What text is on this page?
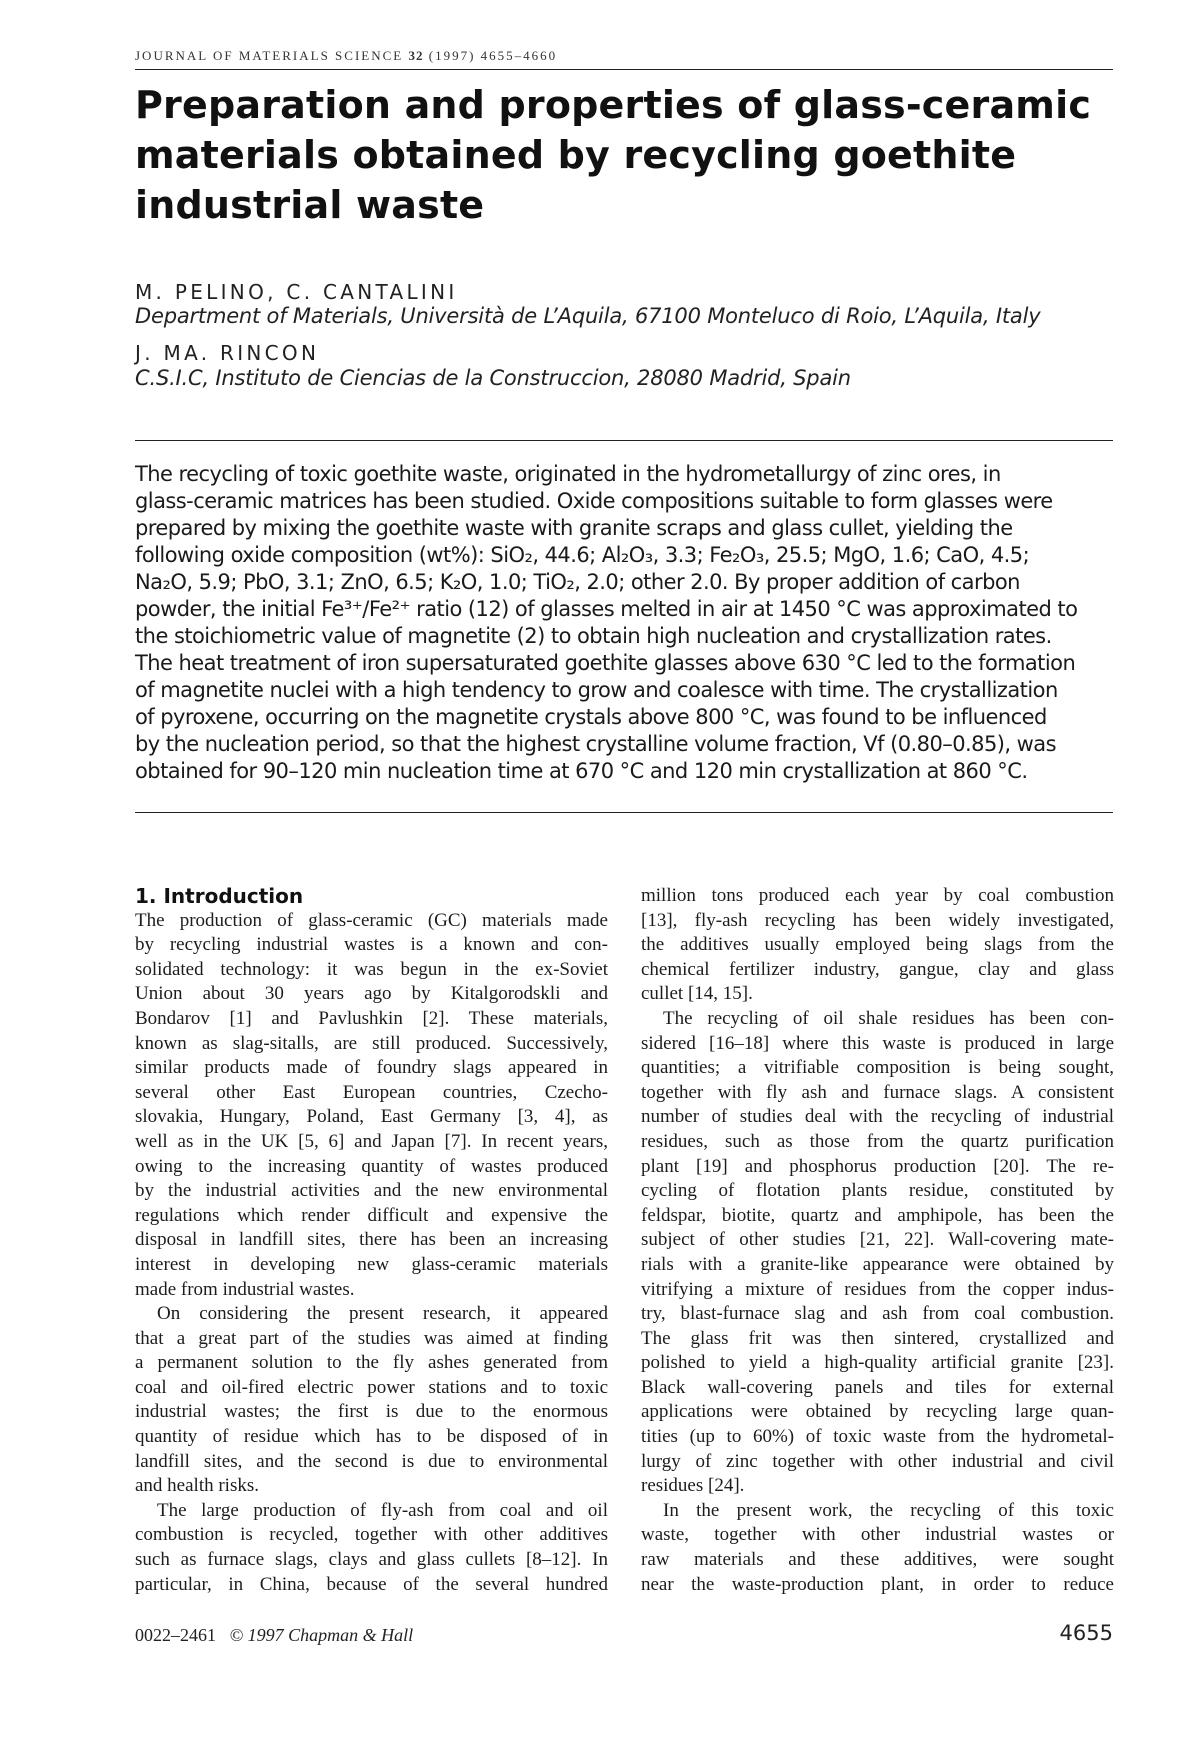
JOURNAL OF MATERIALS SCIENCE 32 (1997) 4655–4660
Preparation and properties of glass-ceramic
materials obtained by recycling goethite
industrial waste
M. PELINO, C. CANTALINI
Department of Materials, Università de L’Aquila, 67100 Monteluco di Roio, L’Aquila, Italy
J. MA. RINCON
C.S.I.C, Instituto de Ciencias de la Construccion, 28080 Madrid, Spain
The recycling of toxic goethite waste, originated in the hydrometallurgy of zinc ores, in
glass-ceramic matrices has been studied. Oxide compositions suitable to form glasses were
prepared by mixing the goethite waste with granite scraps and glass cullet, yielding the
following oxide composition (wt%): SiO₂, 44.6; Al₂O₃, 3.3; Fe₂O₃, 25.5; MgO, 1.6; CaO, 4.5;
Na₂O, 5.9; PbO, 3.1; ZnO, 6.5; K₂O, 1.0; TiO₂, 2.0; other 2.0. By proper addition of carbon
powder, the initial Fe³⁺/Fe²⁺ ratio (12) of glasses melted in air at 1450 °C was approximated to
the stoichiometric value of magnetite (2) to obtain high nucleation and crystallization rates.
The heat treatment of iron supersaturated goethite glasses above 630 °C led to the formation
of magnetite nuclei with a high tendency to grow and coalesce with time. The crystallization
of pyroxene, occurring on the magnetite crystals above 800 °C, was found to be influenced
by the nucleation period, so that the highest crystalline volume fraction, Vf (0.80–0.85), was
obtained for 90–120 min nucleation time at 670 °C and 120 min crystallization at 860 °C.
1. Introduction
The production of glass-ceramic (GC) materials made
by recycling industrial wastes is a known and con-
solidated technology: it was begun in the ex-Soviet
Union about 30 years ago by Kitalgorodskli and
Bondarov [1] and Pavlushkin [2]. These materials,
known as slag-sitalls, are still produced. Successively,
similar products made of foundry slags appeared in
several other East European countries, Czecho-
slovakia, Hungary, Poland, East Germany [3, 4], as
well as in the UK [5, 6] and Japan [7]. In recent years,
owing to the increasing quantity of wastes produced
by the industrial activities and the new environmental
regulations which render difficult and expensive the
disposal in landfill sites, there has been an increasing
interest in developing new glass-ceramic materials
made from industrial wastes.
On considering the present research, it appeared
that a great part of the studies was aimed at finding
a permanent solution to the fly ashes generated from
coal and oil-fired electric power stations and to toxic
industrial wastes; the first is due to the enormous
quantity of residue which has to be disposed of in
landfill sites, and the second is due to environmental
and health risks.
The large production of fly-ash from coal and oil
combustion is recycled, together with other additives
such as furnace slags, clays and glass cullets [8–12]. In
particular, in China, because of the several hundred
million tons produced each year by coal combustion
[13], fly-ash recycling has been widely investigated,
the additives usually employed being slags from the
chemical fertilizer industry, gangue, clay and glass
cullet [14, 15].
The recycling of oil shale residues has been con-
sidered [16–18] where this waste is produced in large
quantities; a vitrifiable composition is being sought,
together with fly ash and furnace slags. A consistent
number of studies deal with the recycling of industrial
residues, such as those from the quartz purification
plant [19] and phosphorus production [20]. The re-
cycling of flotation plants residue, constituted by
feldspar, biotite, quartz and amphipole, has been the
subject of other studies [21, 22]. Wall-covering mate-
rials with a granite-like appearance were obtained by
vitrifying a mixture of residues from the copper indus-
try, blast-furnace slag and ash from coal combustion.
The glass frit was then sintered, crystallized and
polished to yield a high-quality artificial granite [23].
Black wall-covering panels and tiles for external
applications were obtained by recycling large quan-
tities (up to 60%) of toxic waste from the hydrometal-
lurgy of zinc together with other industrial and civil
residues [24].
In the present work, the recycling of this toxic
waste, together with other industrial wastes or
raw materials and these additives, were sought
near the waste-production plant, in order to reduce
0022–2461 © 1997 Chapman & Hall	4655
